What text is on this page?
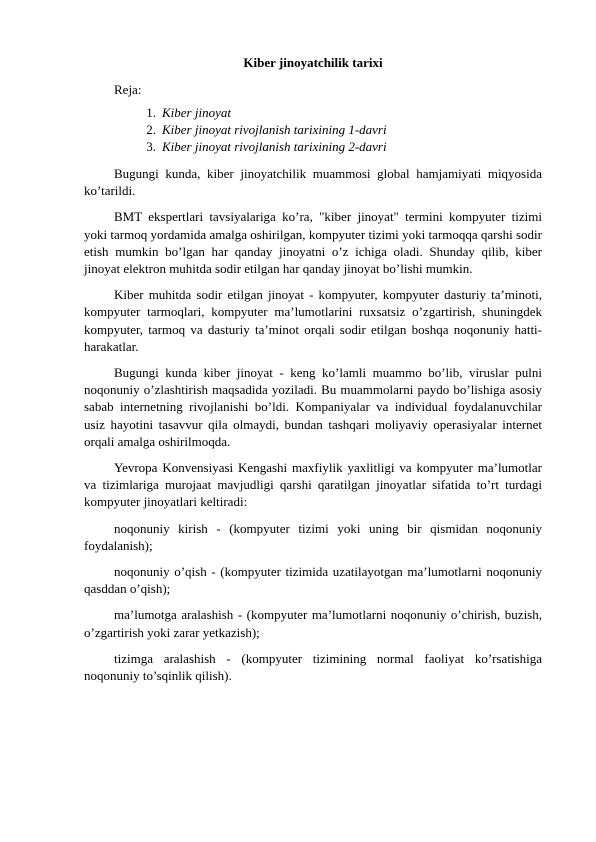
Kiber jinoyatchilik tarixi
Reja:
1. Kiber jinoyat
2. Kiber jinoyat rivojlanish tarixining 1-davri
3. Kiber jinoyat rivojlanish tarixining 2-davri

Bugungi kunda, kiber jinoyatchilik muammosi global hamjamiyati miqyosida ko’tarildi.

BMT ekspertlari tavsiyalariga ko’ra, "kiber jinoyat" termini kompyuter tizimi yoki tarmoq yordamida amalga oshirilgan, kompyuter tizimi yoki tarmoqqa qarshi sodir etish mumkin bo’lgan har qanday jinoyatni o’z ichiga oladi. Shunday qilib, kiber jinoyat elektron muhitda sodir etilgan har qanday jinoyat bo’lishi mumkin.

Kiber muhitda sodir etilgan jinoyat - kompyuter, kompyuter dasturiy ta’minoti, kompyuter tarmoqlari, kompyuter ma’lumotlarini ruxsatsiz o’zgartirish, shuningdek kompyuter, tarmoq va dasturiy ta’minot orqali sodir etilgan boshqa noqonuniy hatti-harakatlar.

Bugungi kunda kiber jinoyat - keng ko’lamli muammo bo’lib, viruslar pulni noqonuniy o’zlashtirish maqsadida yoziladi. Bu muammolarni paydo bo’lishiga asosiy sabab internetning rivojlanishi bo’ldi. Kompaniyalar va individual foydalanuvchilar usiz hayotini tasavvur qila olmaydi, bundan tashqari moliyaviy operasiyalar internet orqali amalga oshirilmoqda.

Yevropa Konvensiyasi Kengashi maxfiylik yaxlitligi va kompyuter ma’lumotlar va tizimlariga murojaat mavjudligi qarshi qaratilgan jinoyatlar sifatida to’rt turdagi kompyuter jinoyatlari keltiradi:

noqonuniy kirish - (kompyuter tizimi yoki uning bir qismidan noqonuniy foydalanish);

noqonuniy o’qish - (kompyuter tizimida uzatilayotgan ma’lumotlarni noqonuniy qasddan o’qish);

ma’lumotga aralashish - (kompyuter ma’lumotlarni noqonuniy o’chirish, buzish, o’zgartirish yoki zarar yetkazish);

tizimga aralashish - (kompyuter tizimining normal faoliyat ko’rsatishiga noqonuniy to’sqinlik qilish).
